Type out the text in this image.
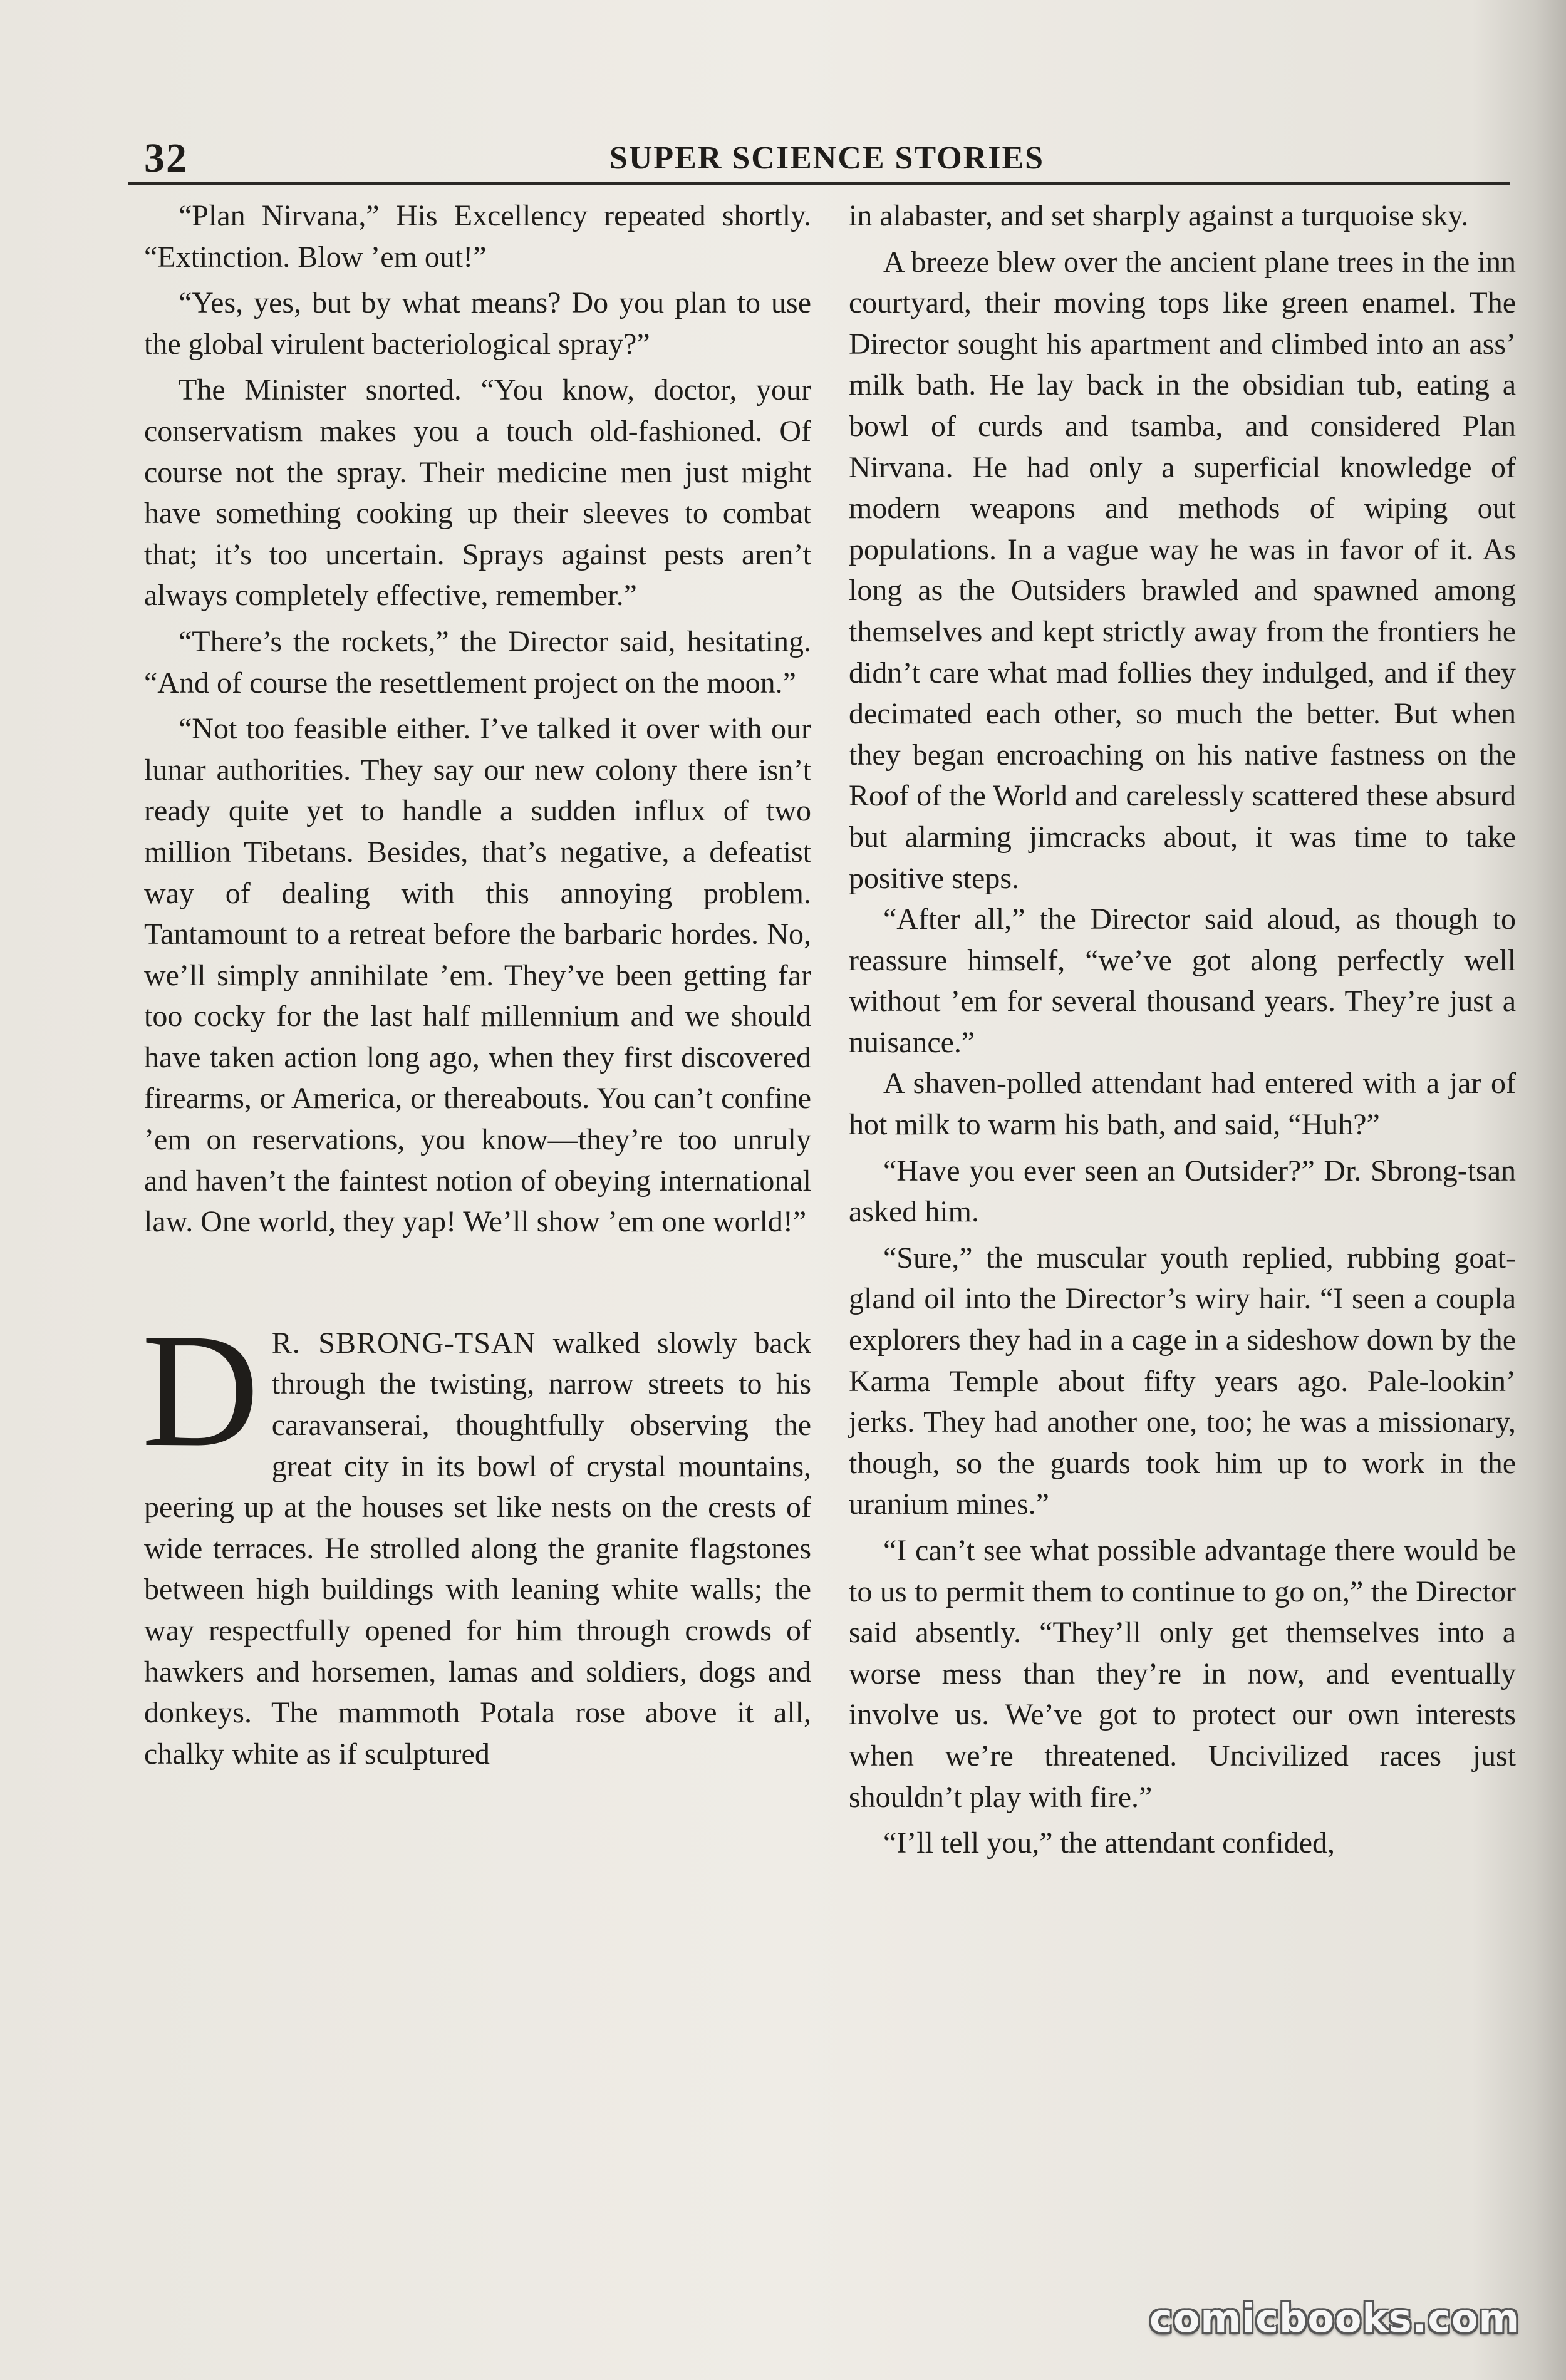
32	SUPER SCIENCE STORIES

“Plan Nirvana,” His Excellency repeated shortly. “Extinction. Blow ’em out!”

“Yes, yes, but by what means? Do you plan to use the global virulent bacteriological spray?”

The Minister snorted. “You know, doctor, your conservatism makes you a touch old-fashioned. Of course not the spray. Their medicine men just might have something cooking up their sleeves to combat that; it’s too uncertain. Sprays against pests aren’t always completely effective, remember.”

“There’s the rockets,” the Director said, hesitating. “And of course the resettlement project on the moon.”

“Not too feasible either. I’ve talked it over with our lunar authorities. They say our new colony there isn’t ready quite yet to handle a sudden influx of two million Tibetans. Besides, that’s negative, a defeatist way of dealing with this annoying problem. Tantamount to a retreat before the barbaric hordes. No, we’ll simply annihilate ’em. They’ve been getting far too cocky for the last half millennium and we should have taken action long ago, when they first discovered firearms, or America, or thereabouts. You can’t confine ’em on reservations, you know—they’re too unruly and haven’t the faintest notion of obeying international law. One world, they yap! We’ll show ’em one world!”

D R. SBRONG-TSAN walked slowly back through the twisting, narrow streets to his caravanserai, thoughtfully observing the great city in its bowl of crystal mountains, peering up at the houses set like nests on the crests of wide terraces. He strolled along the granite flagstones between high buildings with leaning white walls; the way respectfully opened for him through crowds of hawkers and horsemen, lamas and soldiers, dogs and donkeys. The mammoth Potala rose above it all, chalky white as if sculptured

in alabaster, and set sharply against a turquoise sky.

A breeze blew over the ancient plane trees in the inn courtyard, their moving tops like green enamel. The Director sought his apartment and climbed into an ass’ milk bath. He lay back in the obsidian tub, eating a bowl of curds and tsamba, and considered Plan Nirvana. He had only a superficial knowledge of modern weapons and methods of wiping out populations. In a vague way he was in favor of it. As long as the Outsiders brawled and spawned among themselves and kept strictly away from the frontiers he didn’t care what mad follies they indulged, and if they decimated each other, so much the better. But when they began encroaching on his native fastness on the Roof of the World and carelessly scattered these absurd but alarming jimcracks about, it was time to take positive steps.

“After all,” the Director said aloud, as though to reassure himself, “we’ve got along perfectly well without ’em for several thousand years. They’re just a nuisance.”

A shaven-polled attendant had entered with a jar of hot milk to warm his bath, and said, “Huh?”

“Have you ever seen an Outsider?” Dr. Sbrong-tsan asked him.

“Sure,” the muscular youth replied, rubbing goat-gland oil into the Director’s wiry hair. “I seen a coupla explorers they had in a cage in a sideshow down by the Karma Temple about fifty years ago. Pale-lookin’ jerks. They had another one, too; he was a missionary, though, so the guards took him up to work in the uranium mines.”

“I can’t see what possible advantage there would be to us to permit them to continue to go on,” the Director said absently. “They’ll only get themselves into a worse mess than they’re in now, and eventually involve us. We’ve got to protect our own interests when we’re threatened. Uncivilized races just shouldn’t play with fire.”

“I’ll tell you,” the attendant confided,

comicbooks.com
